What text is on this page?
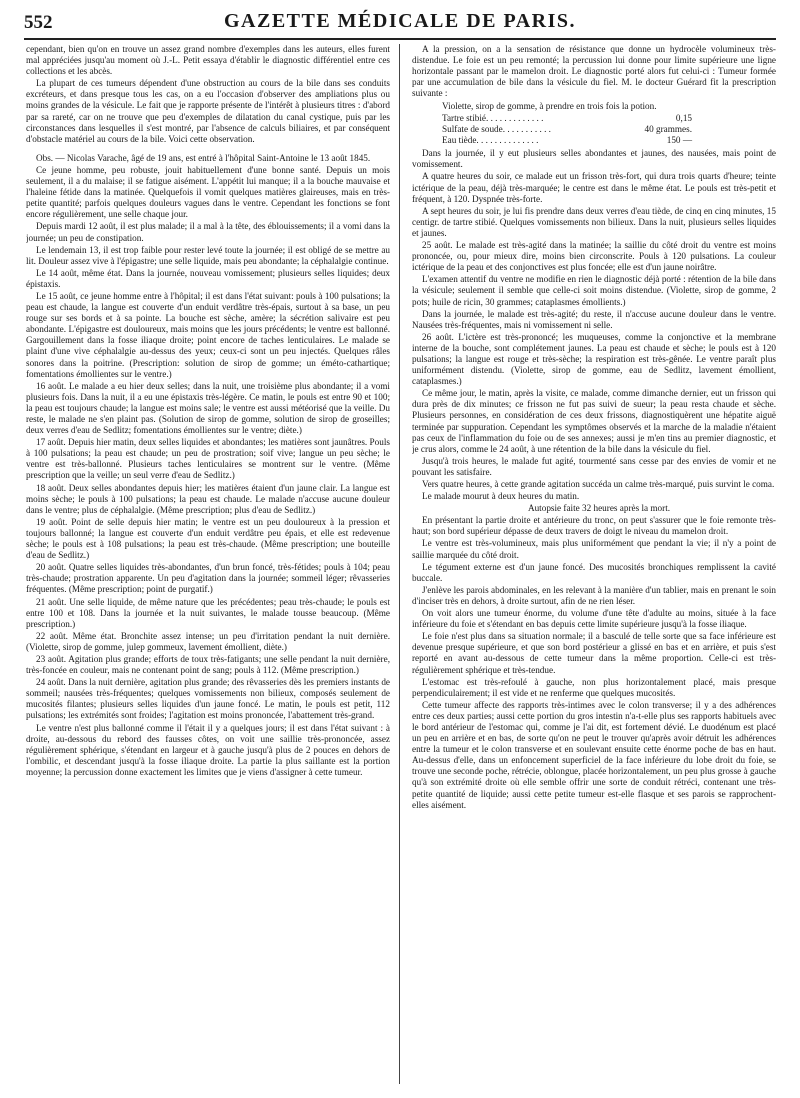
552	GAZETTE MÉDICALE DE PARIS.

cependant, bien qu'on en trouve un assez grand nombre d'exemples dans les auteurs, elles furent mal appréciées jusqu'au moment où J.-L. Petit essaya d'établir le diagnostic différentiel entre ces collections et les abcès.

La plupart de ces tumeurs dépendent d'une obstruction au cours de la bile dans ses conduits excréteurs, et dans presque tous les cas, on a eu l'occasion d'observer des ampliations plus ou moins grandes de la vésicule. Le fait que je rapporte présente de l'intérêt à plusieurs titres : d'abord par sa rareté, car on ne trouve que peu d'exemples de dilatation du canal cystique, puis par les circonstances dans lesquelles il s'est montré, par l'absence de calculs biliaires, et par conséquent d'obstacle matériel au cours de la bile. Voici cette observation.

Obs. — Nicolas Varache, âgé de 19 ans, est entré à l'hôpital Saint-Antoine le 13 août 1845.

Ce jeune homme, peu robuste, jouit habituellement d'une bonne santé. Depuis un mois seulement, il a du malaise; il se fatigue aisément. L'appétit lui manque; il a la bouche mauvaise et l'haleine fétide dans la matinée. Quelquefois il vomit quelques matières glaireuses, mais en très-petite quantité; parfois quelques douleurs vagues dans le ventre. Cependant les fonctions se font encore régulièrement, une selle chaque jour.

Depuis mardi 12 août, il est plus malade; il a mal à la tête, des éblouissements; il a vomi dans la journée; un peu de constipation.

Le lendemain 13, il est trop faible pour rester levé toute la journée; il est obligé de se mettre au lit. Douleur assez vive à l'épigastre; une selle liquide, mais peu abondante; la céphalalgie continue.

Le 14 août, même état. Dans la journée, nouveau vomissement; plusieurs selles liquides; deux épistaxis.

Le 15 août, ce jeune homme entre à l'hôpital; il est dans l'état suivant: pouls à 100 pulsations; la peau est chaude, la langue est couverte d'un enduit verdâtre très-épais, surtout à sa base, un peu rouge sur ses bords et à sa pointe. La bouche est sèche, amère; la sécrétion salivaire est peu abondante. L'épigastre est douloureux, mais moins que les jours précédents; le ventre est ballonné. Gargouillement dans la fosse iliaque droite; point encore de taches lenticulaires. Le malade se plaint d'une vive céphalalgie au-dessus des yeux; ceux-ci sont un peu injectés. Quelques râles sonores dans la poitrine. (Prescription: solution de sirop de gomme; un éméto-cathartique; fomentations émollientes sur le ventre.)

16 août. Le malade a eu hier deux selles; dans la nuit, une troisième plus abondante; il a vomi plusieurs fois. Dans la nuit, il a eu une épistaxis très-légère. Ce matin, le pouls est entre 90 et 100; la peau est toujours chaude; la langue est moins sale; le ventre est aussi météorisé que la veille. Du reste, le malade ne s'en plaint pas. (Solution de sirop de gomme, solution de sirop de groseilles; deux verres d'eau de Sedlitz; fomentations émollientes sur le ventre; diète.)

17 août. Depuis hier matin, deux selles liquides et abondantes; les matières sont jaunâtres. Pouls à 100 pulsations; la peau est chaude; un peu de prostration; soif vive; langue un peu sèche; le ventre est très-ballonné. Plusieurs taches lenticulaires se montrent sur le ventre. (Même prescription que la veille; un seul verre d'eau de Sedlitz.)

18 août. Deux selles abondantes depuis hier; les matières étaient d'un jaune clair. La langue est moins sèche; le pouls à 100 pulsations; la peau est chaude. Le malade n'accuse aucune douleur dans le ventre; plus de céphalalgie. (Même prescription; plus d'eau de Sedlitz.)

19 août. Point de selle depuis hier matin; le ventre est un peu douloureux à la pression et toujours ballonné; la langue est couverte d'un enduit verdâtre peu épais, et elle est redevenue sèche; le pouls est à 108 pulsations; la peau est très-chaude. (Même prescription; une bouteille d'eau de Sedlitz.)

20 août. Quatre selles liquides très-abondantes, d'un brun foncé, très-fétides; pouls à 104; peau très-chaude; prostration apparente. Un peu d'agitation dans la journée; sommeil léger; rêvasseries fréquentes. (Même prescription; point de purgatif.)

21 août. Une selle liquide, de même nature que les précédentes; peau très-chaude; le pouls est entre 100 et 108. Dans la journée et la nuit suivantes, le malade tousse beaucoup. (Même prescription.)

22 août. Même état. Bronchite assez intense; un peu d'irritation pendant la nuit dernière. (Violette, sirop de gomme, julep gommeux, lavement émollient, diète.)

23 août. Agitation plus grande; efforts de toux très-fatigants; une selle pendant la nuit dernière, très-foncée en couleur, mais ne contenant point de sang; pouls à 112. (Même prescription.)

24 août. Dans la nuit dernière, agitation plus grande; des rêvasseries dès les premiers instants de sommeil; nausées très-fréquentes; quelques vomissements non bilieux, composés seulement de mucosités filantes; plusieurs selles liquides d'un jaune foncé. Le matin, le pouls est petit, 112 pulsations; les extrémités sont froides; l'agitation est moins prononcée, l'abattement très-grand.

Le ventre n'est plus ballonné comme il l'était il y a quelques jours; il est dans l'état suivant : à droite, au-dessous du rebord des fausses côtes, on voit une saillie très-prononcée, assez régulièrement sphérique, s'étendant en largeur et à gauche jusqu'à plus de 2 pouces en dehors de l'ombilic, et descendant jusqu'à la fosse iliaque droite. La partie la plus saillante est la portion moyenne; la percussion donne exactement les limites que je viens d'assigner à cette tumeur.

A la pression, on a la sensation de résistance que donne un hydrocèle volumineux très-distendue. Le foie est un peu remonté; la percussion lui donne pour limite supérieure une ligne horizontale passant par le mamelon droit. Le diagnostic porté alors fut celui-ci : Tumeur formée par une accumulation de bile dans la vésicule du fiel. M. le docteur Guérard fit la prescription suivante :

Violette, sirop de gomme, à prendre en trois fois la potion.	
Tartre stibié. . . . . . . . . . . . .	0,15
Sulfate de soude. . . . . . . . . . .	40 grammes.
Eau tiède. . . . . . . . . . . . . .	150 —

Dans la journée, il y eut plusieurs selles abondantes et jaunes, des nausées, mais point de vomissement.

A quatre heures du soir, ce malade eut un frisson très-fort, qui dura trois quarts d'heure; teinte ictérique de la peau, déjà très-marquée; le centre est dans le même état. Le pouls est très-petit et fréquent, à 120. Dyspnée très-forte.

A sept heures du soir, je lui fis prendre dans deux verres d'eau tiède, de cinq en cinq minutes, 15 centigr. de tartre stibié. Quelques vomissements non bilieux. Dans la nuit, plusieurs selles liquides et jaunes.

25 août. Le malade est très-agité dans la matinée; la saillie du côté droit du ventre est moins prononcée, ou, pour mieux dire, moins bien circonscrite. Pouls à 120 pulsations. La couleur ictérique de la peau et des conjonctives est plus foncée; elle est d'un jaune noirâtre.

L'examen attentif du ventre ne modifie en rien le diagnostic déjà porté : rétention de la bile dans la vésicule; seulement il semble que celle-ci soit moins distendue. (Violette, sirop de gomme, 2 pots; huile de ricin, 30 grammes; cataplasmes émollients.)

Dans la journée, le malade est très-agité; du reste, il n'accuse aucune douleur dans le ventre. Nausées très-fréquentes, mais ni vomissement ni selle.

26 août. L'ictère est très-prononcé; les muqueuses, comme la conjonctive et la membrane interne de la bouche, sont complétement jaunes. La peau est chaude et sèche; le pouls est à 120 pulsations; la langue est rouge et très-sèche; la respiration est très-gênée. Le ventre paraît plus uniformément distendu. (Violette, sirop de gomme, eau de Sedlitz, lavement émollient, cataplasmes.)

Ce même jour, le matin, après la visite, ce malade, comme dimanche dernier, eut un frisson qui dura près de dix minutes; ce frisson ne fut pas suivi de sueur; la peau resta chaude et sèche. Plusieurs personnes, en considération de ces deux frissons, diagnostiquèrent une hépatite aiguë terminée par suppuration. Cependant les symptômes observés et la marche de la maladie n'étaient pas ceux de l'inflammation du foie ou de ses annexes; aussi je m'en tins au premier diagnostic, et je crus alors, comme le 24 août, à une rétention de la bile dans la vésicule du fiel.

Jusqu'à trois heures, le malade fut agité, tourmenté sans cesse par des envies de vomir et ne pouvant les satisfaire.

Vers quatre heures, à cette grande agitation succéda un calme très-marqué, puis survint le coma.

Le malade mourut à deux heures du matin.

Autopsie faite 32 heures après la mort.

En présentant la partie droite et antérieure du tronc, on peut s'assurer que le foie remonte très-haut; son bord supérieur dépasse de deux travers de doigt le niveau du mamelon droit.

Le ventre est très-volumineux, mais plus uniformément que pendant la vie; il n'y a point de saillie marquée du côté droit.

Le tégument externe est d'un jaune foncé. Des mucosités bronchiques remplissent la cavité buccale.

J'enlève les parois abdominales, en les relevant à la manière d'un tablier, mais en prenant le soin d'inciser très en dehors, à droite surtout, afin de ne rien léser.

On voit alors une tumeur énorme, du volume d'une tête d'adulte au moins, située à la face inférieure du foie et s'étendant en bas depuis cette limite supérieure jusqu'à la fosse iliaque.

Le foie n'est plus dans sa situation normale; il a basculé de telle sorte que sa face inférieure est devenue presque supérieure, et que son bord postérieur a glissé en bas et en arrière, et puis s'est reporté en avant au-dessous de cette tumeur dans la même proportion. Celle-ci est très-régulièrement sphérique et très-tendue.

L'estomac est très-refoulé à gauche, non plus horizontalement placé, mais presque perpendiculairement; il est vide et ne renferme que quelques mucosités.

Cette tumeur affecte des rapports très-intimes avec le colon transverse; il y a des adhérences entre ces deux parties; aussi cette portion du gros intestin n'a-t-elle plus ses rapports habituels avec le bord antérieur de l'estomac qui, comme je l'ai dit, est fortement dévié. Le duodénum est placé un peu en arrière et en bas, de sorte qu'on ne peut le trouver qu'après avoir détruit les adhérences entre la tumeur et le colon transverse et en soulevant ensuite cette énorme poche de bas en haut. Au-dessus d'elle, dans un enfoncement superficiel de la face inférieure du lobe droit du foie, se trouve une seconde poche, rétrécie, oblongue, placée horizontalement, un peu plus grosse à gauche qu'à son extrémité droite où elle semble offrir une sorte de conduit rétréci, contenant une très-petite quantité de liquide; aussi cette petite tumeur est-elle flasque et ses parois se rapprochent-elles aisément.
